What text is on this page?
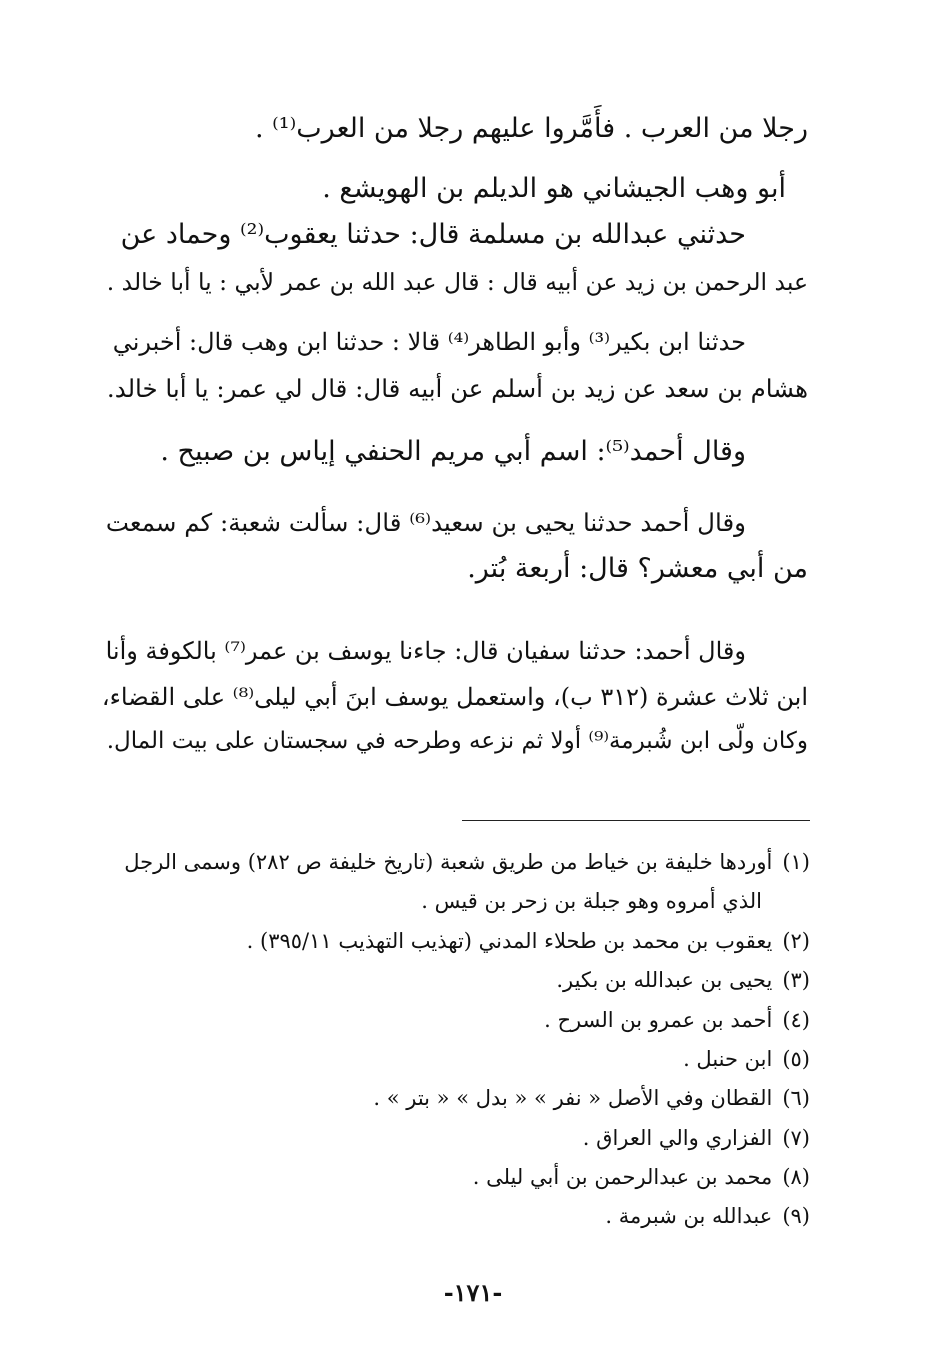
رجلا من العرب . فأَمَّروا عليهم رجلا من العرب⁽¹⁾ .
أبو وهب الجيشاني هو الديلم بن الهويشع .
حدثني عبدالله بن مسلمة قال: حدثنا يعقوب⁽²⁾ وحماد عن
عبد الرحمن بن زيد عن أبيه قال : قال عبد الله بن عمر لأبي : يا أبا خالد .
حدثنا ابن بكير⁽³⁾ وأبو الطاهر⁽⁴⁾ قالا : حدثنا ابن وهب قال: أخبرني
هشام بن سعد عن زيد بن أسلم عن أبيه قال: قال لي عمر: يا أبا خالد.
وقال أحمد⁽⁵⁾: اسم أبي مريم الحنفي إياس بن صبيح .
وقال أحمد حدثنا يحيى بن سعيد⁽⁶⁾ قال: سألت شعبة: كم سمعت
من أبي معشر؟ قال: أربعة بُتر.
وقال أحمد: حدثنا سفيان قال: جاءنا يوسف بن عمر⁽⁷⁾ بالكوفة وأنا
ابن ثلاث عشرة (٣١٢ ب)، واستعمل يوسف ابنَ أبي ليلى⁽⁸⁾ على القضاء،
وكان ولّى ابن شُبرمة⁽⁹⁾ أولا ثم نزعه وطرحه في سجستان على بيت المال.
(١)أوردها خليفة بن خياط من طريق شعبة (تاريخ خليفة ص ٢٨٢) وسمى الرجل
الذي أمروه وهو جبلة بن زحر بن قيس .
(٢)يعقوب بن محمد بن طحلاء المدني (تهذيب التهذيب ٣٩٥/١١) .
(٣)يحيى بن عبدالله بن بكير.
(٤)أحمد بن عمرو بن السرح .
(٥)ابن حنبل .
(٦)القطان وفي الأصل « نفر » « بدل » « بتر » .
(٧)الفزاري والي العراق .
(٨)محمد بن عبدالرحمن بن أبي ليلى .
(٩)عبدالله بن شبرمة .
-١٧١-
